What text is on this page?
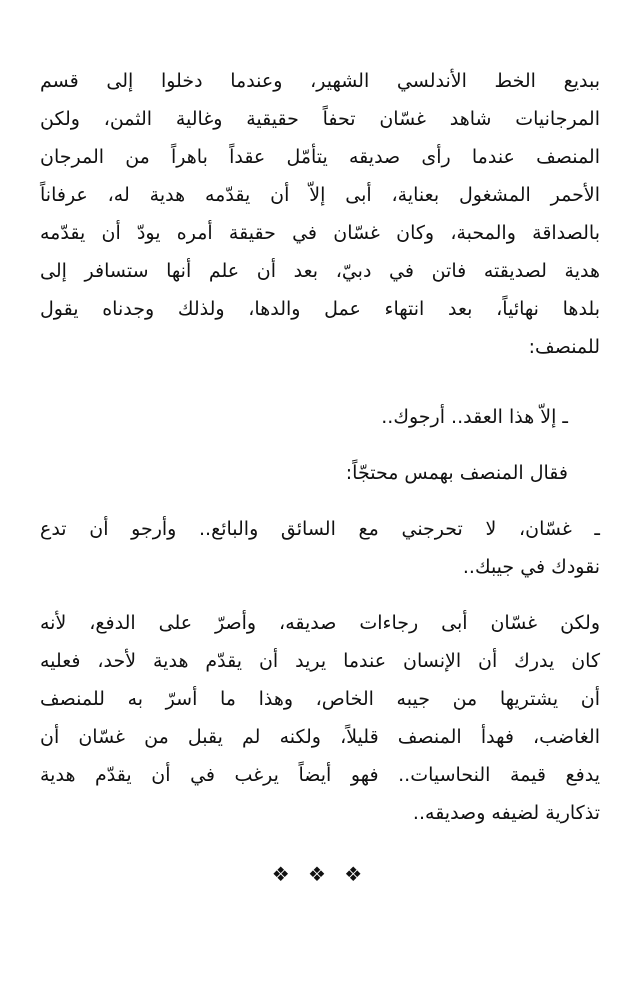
ببديع الخط الأندلسي الشهير، وعندما دخلوا إلى قسم
المرجانيات شاهد غسّان تحفاً حقيقية وغالية الثمن، ولكن
المنصف عندما رأى صديقه يتأمّل عقداً باهراً من المرجان
الأحمر المشغول بعناية، أبى إلاّ أن يقدّمه هدية له، عرفاناً
بالصداقة والمحبة، وكان غسّان في حقيقة أمره يودّ أن يقدّمه
هدية لصديقته فاتن في دبيّ، بعد أن علم أنها ستسافر إلى
بلدها نهائياً، بعد انتهاء عمل والدها، ولذلك وجدناه يقول
للمنصف:
ـ إلاّ هذا العقد.. أرجوك..
فقال المنصف بهمس محتجّاً:
ـ غسّان، لا تحرجني مع السائق والبائع.. وأرجو أن تدع
نقودك في جيبك..
ولكن غسّان أبى رجاءات صديقه، وأصرّ على الدفع، لأنه
كان يدرك أن الإنسان عندما يريد أن يقدّم هدية لأحد، فعليه
أن يشتريها من جيبه الخاص، وهذا ما أسرّ به للمنصف
الغاضب، فهدأ المنصف قليلاً، ولكنه لم يقبل من غسّان أن
يدفع قيمة النحاسيات.. فهو أيضاً يرغب في أن يقدّم هدية
تذكارية لضيفه وصديقه..
❖ ❖ ❖
